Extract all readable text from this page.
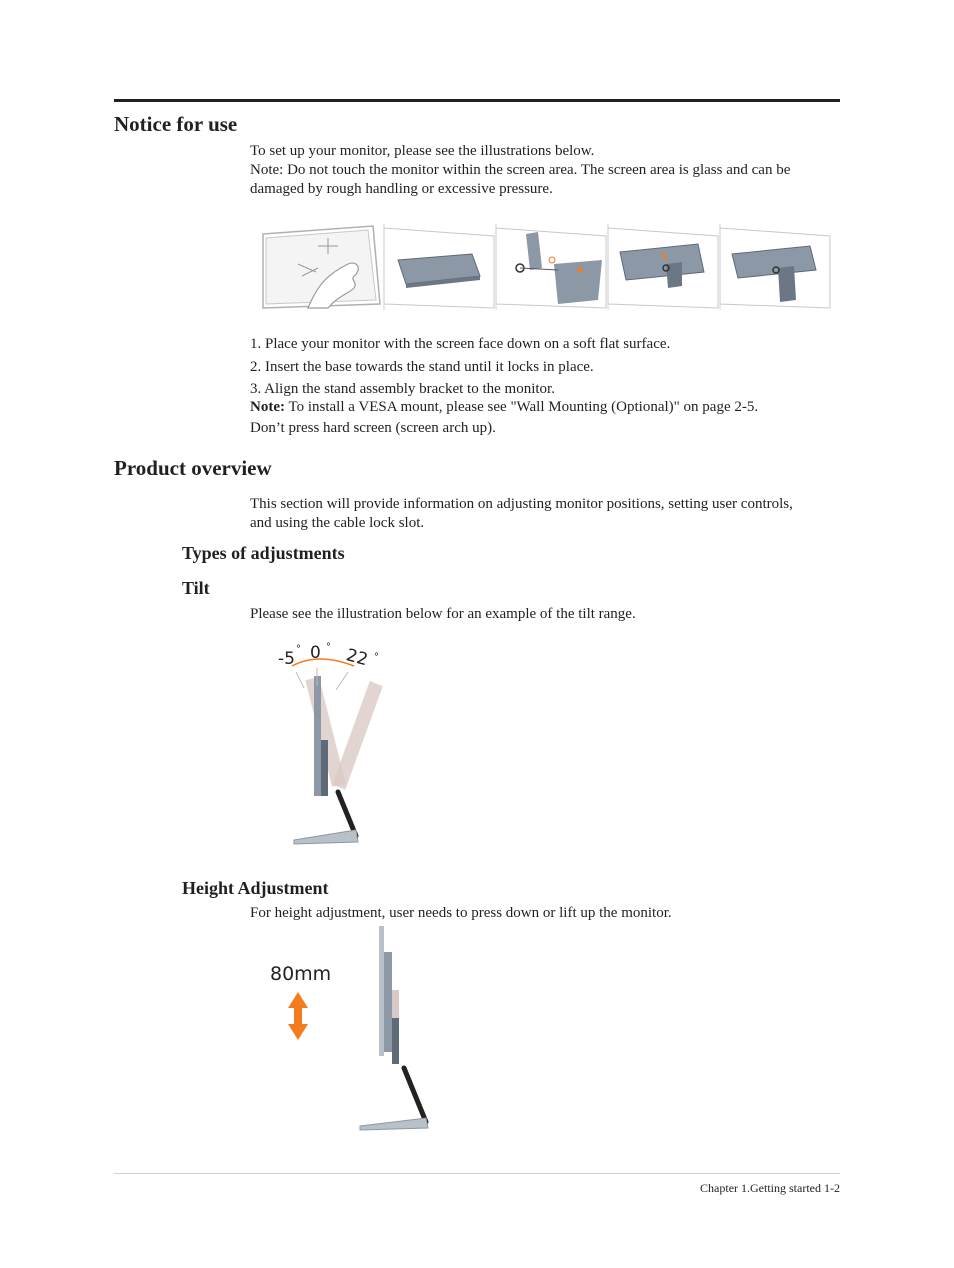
Notice for use

To set up your monitor, please see the illustrations below.

Note: Do not touch the monitor within the screen area. The screen area is glass and can be

damaged by rough handling or excessive pressure.

1. Place your monitor with the screen face down on a soft flat surface.
2. Insert the base towards the stand until it locks in place.
3. Align the stand assembly bracket to the monitor.

Note: To install a VESA mount, please see "Wall Mounting (Optional)" on page 2-5.

Don’t press hard screen (screen arch up).

Product overview

This section will provide information on adjusting monitor positions, setting user controls,

and using the cable lock slot.

Types of adjustments
Tilt

Please see the illustration below for an example of the tilt range.

-5 ° 0 ° 22 °
Height Adjustment

For height adjustment, user needs to press down or lift up the monitor.

80mm
Chapter 1.Getting started 1-2
